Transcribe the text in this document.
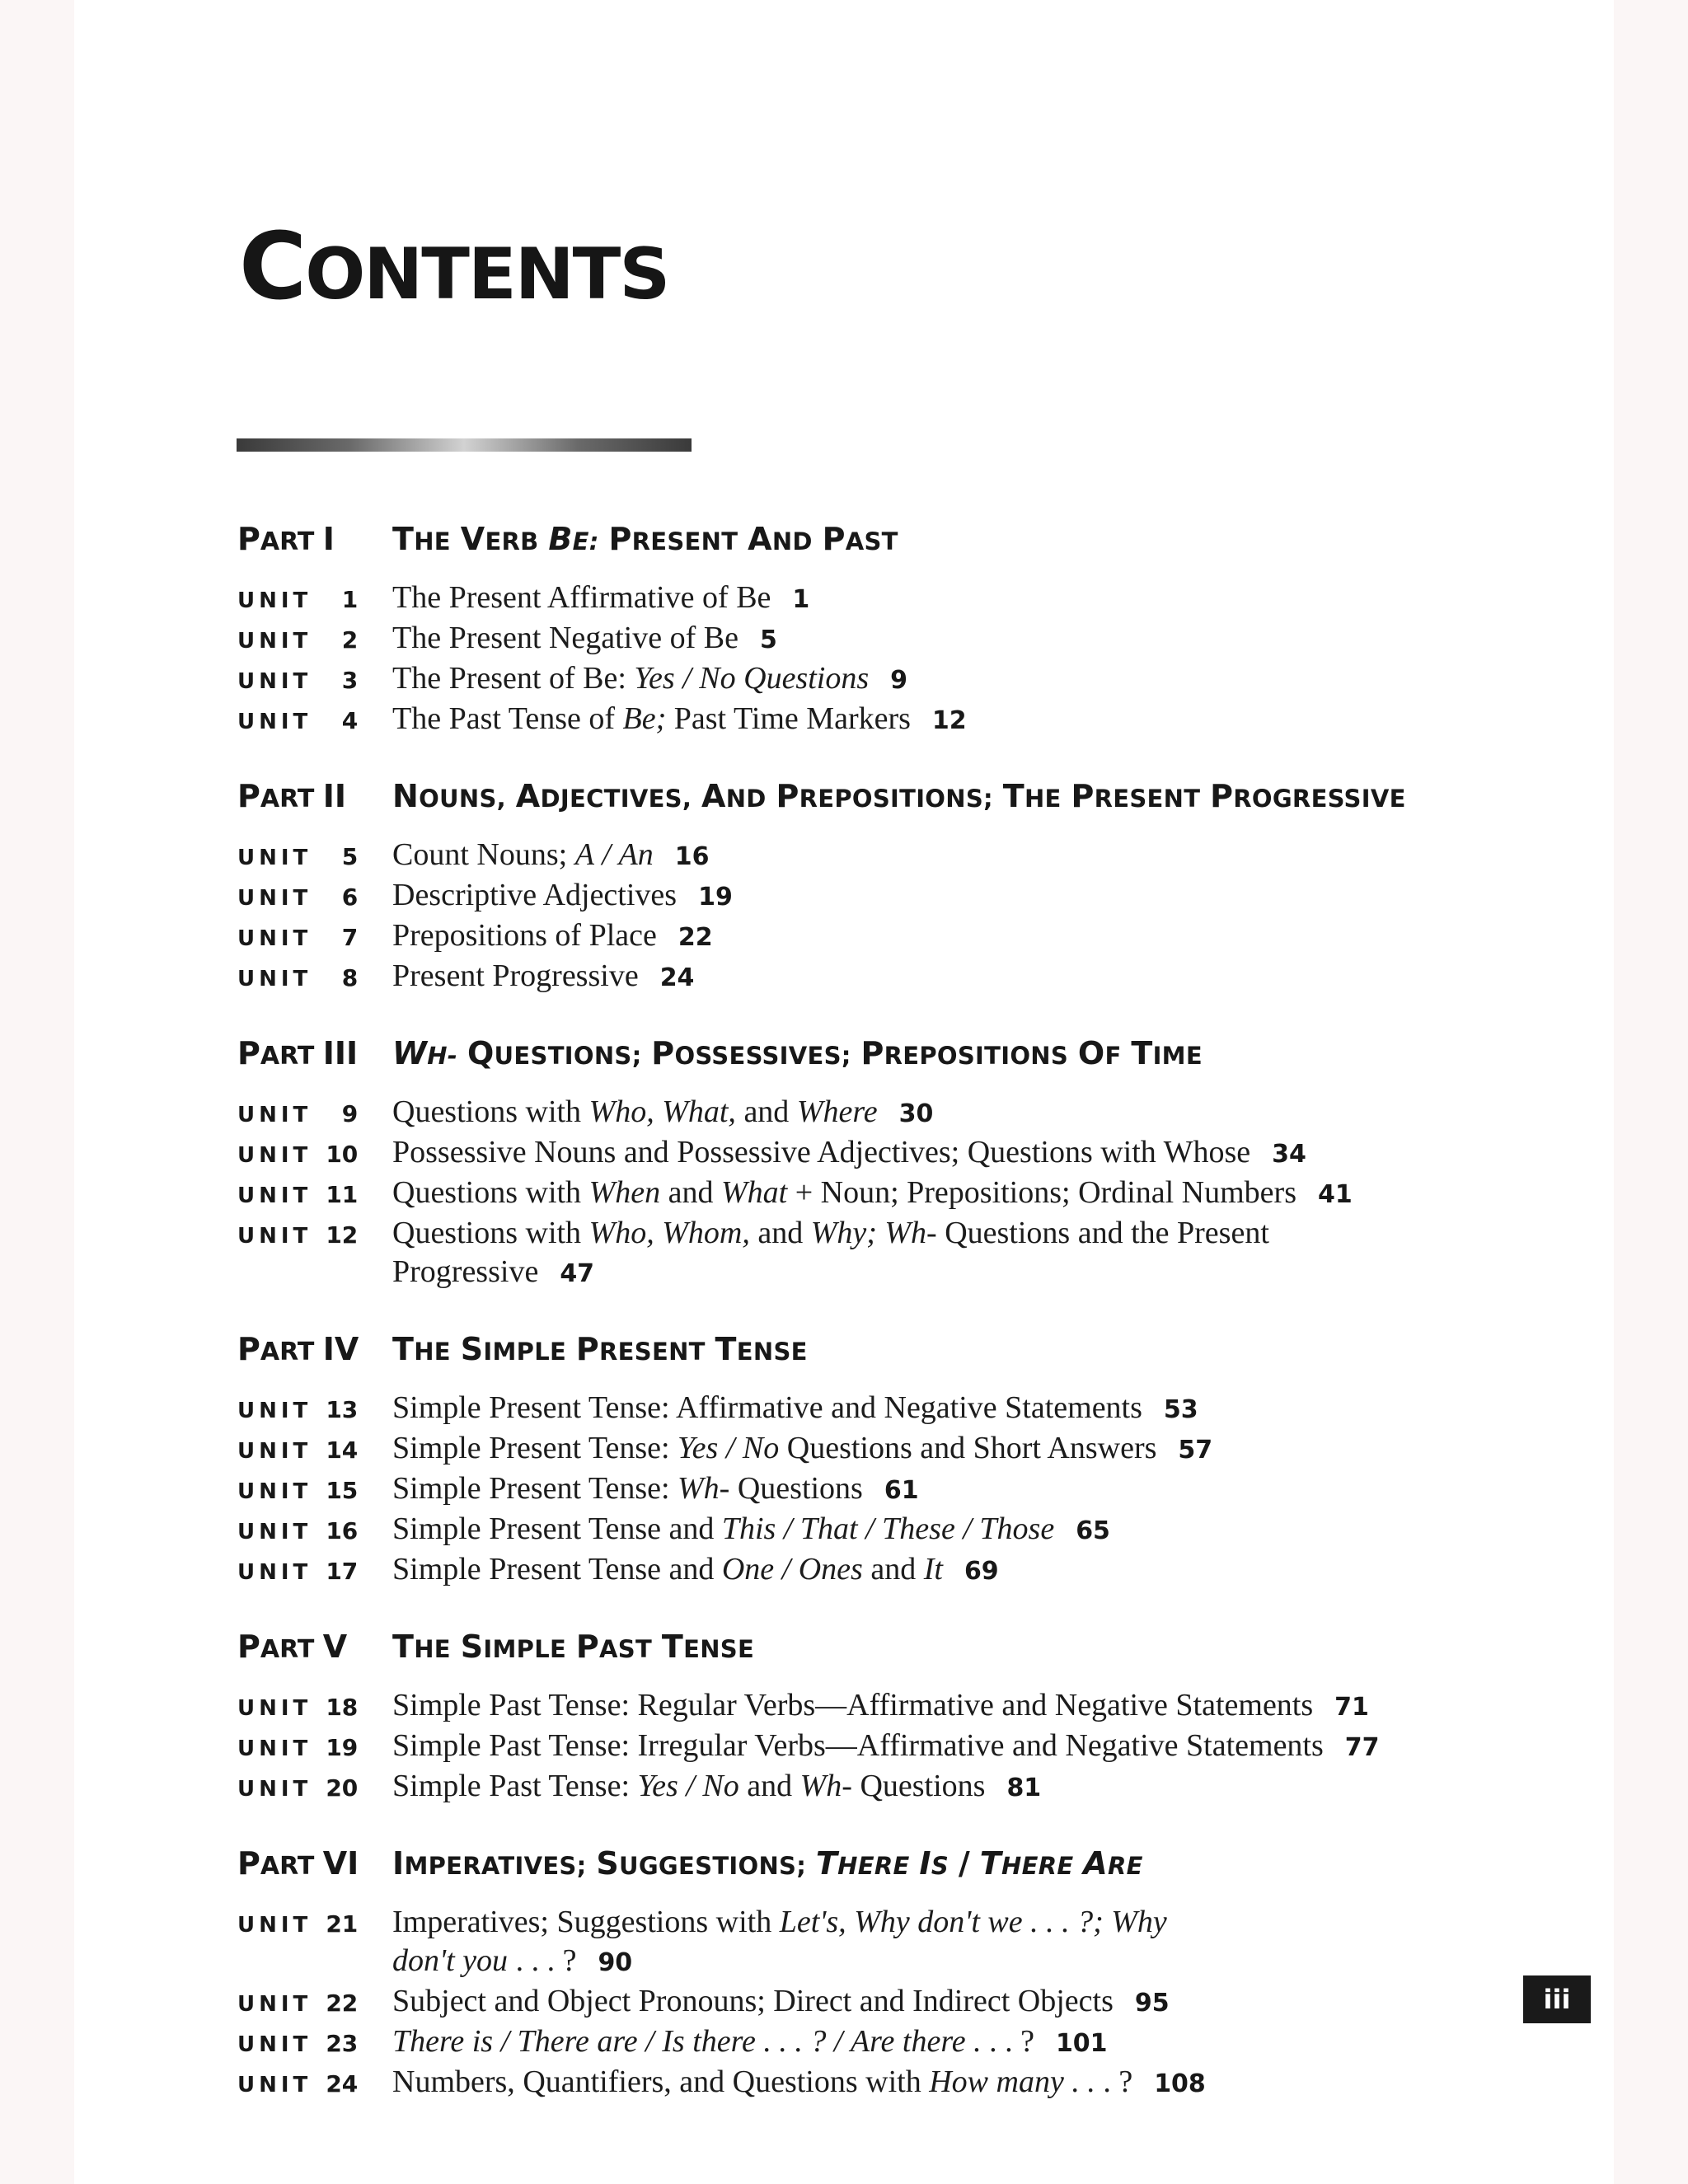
CONTENTS
PART I	THE VERB BE: PRESENT AND PAST
UNIT	1 The Present Affirmative of Be 1
UNIT	2 The Present Negative of Be 5
UNIT	3 The Present of Be: Yes / No Questions 9
UNIT	4 The Past Tense of Be; Past Time Markers 12
PART II	NOUNS, ADJECTIVES, AND PREPOSITIONS; THE PRESENT PROGRESSIVE
UNIT	5 Count Nouns; A / An 16
UNIT	6 Descriptive Adjectives 19
UNIT	7 Prepositions of Place 22
UNIT	8 Present Progressive 24
PART III	WH- QUESTIONS; POSSESSIVES; PREPOSITIONS OF TIME
UNIT	9 Questions with Who, What, and Where 30
UNIT 10 Possessive Nouns and Possessive Adjectives; Questions with Whose 34
UNIT 11 Questions with When and What + Noun; Prepositions; Ordinal Numbers 41
UNIT 12 Questions with Who, Whom, and Why; Wh- Questions and the Present Progressive 47
PART IV	THE SIMPLE PRESENT TENSE
UNIT 13 Simple Present Tense: Affirmative and Negative Statements 53
UNIT 14 Simple Present Tense: Yes / No Questions and Short Answers 57
UNIT 15 Simple Present Tense: Wh- Questions 61
UNIT 16 Simple Present Tense and This / That / These / Those 65
UNIT 17 Simple Present Tense and One / Ones and It 69
PART V	THE SIMPLE PAST TENSE
UNIT 18 Simple Past Tense: Regular Verbs—Affirmative and Negative Statements 71
UNIT 19 Simple Past Tense: Irregular Verbs—Affirmative and Negative Statements 77
UNIT 20 Simple Past Tense: Yes / No and Wh- Questions 81
PART VI	IMPERATIVES; SUGGESTIONS; THERE IS / THERE ARE
UNIT 21 Imperatives; Suggestions with Let's, Why don't we . . . ?; Why don't you . . . ? 90
UNIT 22 Subject and Object Pronouns; Direct and Indirect Objects 95
UNIT 23 There is / There are / Is there . . . ? / Are there . . . ? 101
UNIT 24 Numbers, Quantifiers, and Questions with How many . . . ? 108
iii
